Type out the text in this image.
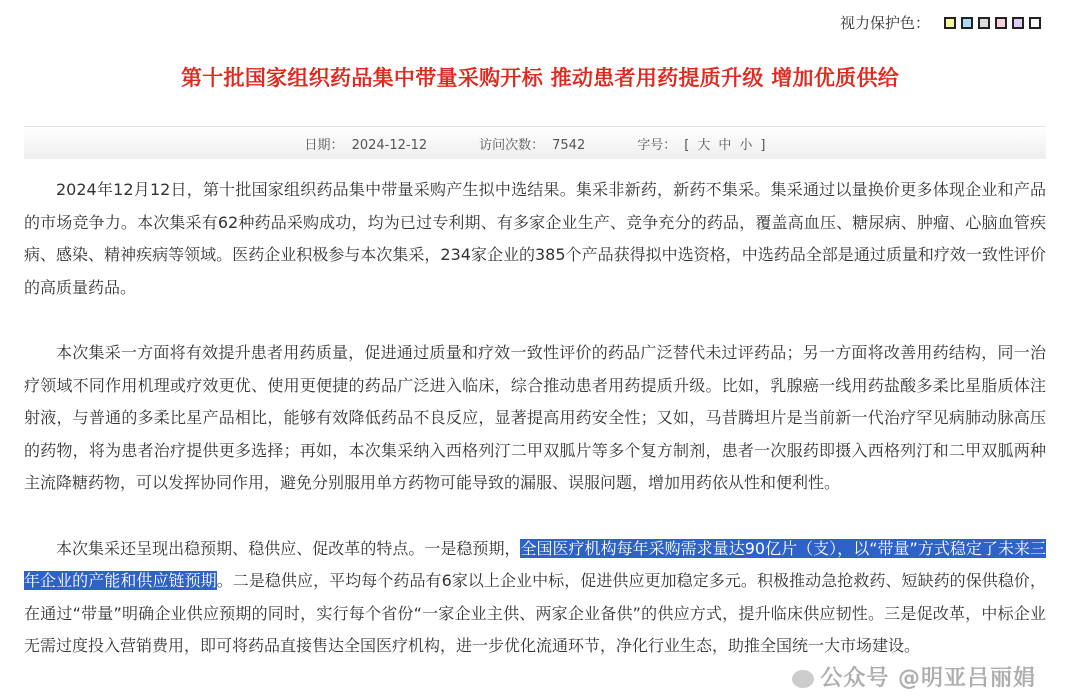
视力保护色：
第十批国家组织药品集中带量采购开标 推动患者用药提质升级 增加优质供给
日期： 2024-12-12	访问次数： 7542	字号： [ 大 中 小 ]

2024年12月12日，第十批国家组织药品集中带量采购产生拟中选结果。集采非新药，新药不集采。集采通过以量换价更多体现企业和产品的市场竞争力。本次集采有62种药品采购成功，均为已过专利期、有多家企业生产、竞争充分的药品，覆盖高血压、糖尿病、肿瘤、心脑血管疾病、感染、精神疾病等领域。医药企业积极参与本次集采，234家企业的385个产品获得拟中选资格，中选药品全部是通过质量和疗效一致性评价的高质量药品。

本次集采一方面将有效提升患者用药质量，促进通过质量和疗效一致性评价的药品广泛替代未过评药品；另一方面将改善用药结构，同一治疗领域不同作用机理或疗效更优、使用更便捷的药品广泛进入临床，综合推动患者用药提质升级。比如，乳腺癌一线用药盐酸多柔比星脂质体注射液，与普通的多柔比星产品相比，能够有效降低药品不良反应，显著提高用药安全性；又如，马昔腾坦片是当前新一代治疗罕见病肺动脉高压的药物，将为患者治疗提供更多选择；再如，本次集采纳入西格列汀二甲双胍片等多个复方制剂，患者一次服药即摄入西格列汀和二甲双胍两种主流降糖药物，可以发挥协同作用，避免分别服用单方药物可能导致的漏服、误服问题，增加用药依从性和便利性。

本次集采还呈现出稳预期、稳供应、促改革的特点。一是稳预期，全国医疗机构每年采购需求量达90亿片（支），以“带量”方式稳定了未来三年企业的产能和供应链预期。二是稳供应，平均每个药品有6家以上企业中标，促进供应更加稳定多元。积极推动急抢救药、短缺药的保供稳价，在通过“带量”明确企业供应预期的同时，实行每个省份“一家企业主供、两家企业备供”的供应方式，提升临床供应韧性。三是促改革，中标企业无需过度投入营销费用，即可将药品直接售达全国医疗机构，进一步优化流通环节，净化行业生态，助推全国统一大市场建设。
公众号 @明亚吕丽娟
